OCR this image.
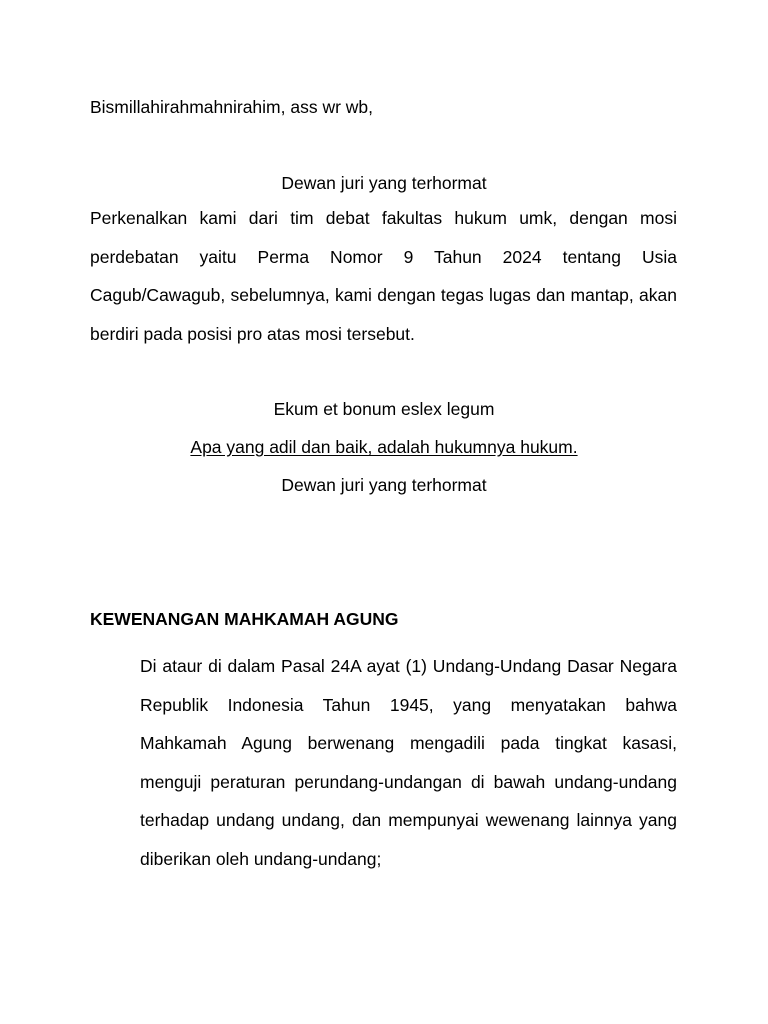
Bismillahirahmahnirahim, ass wr wb,
Dewan juri yang terhormat
Perkenalkan kami dari tim debat fakultas hukum umk, dengan mosi perdebatan yaitu Perma Nomor 9 Tahun 2024 tentang Usia Cagub/Cawagub, sebelumnya, kami dengan tegas lugas dan mantap, akan berdiri pada posisi pro atas mosi tersebut.
Ekum et bonum eslex legum
Apa yang adil dan baik, adalah hukumnya hukum.
Dewan juri yang terhormat
KEWENANGAN MAHKAMAH AGUNG
Di ataur di dalam Pasal 24A ayat (1) Undang-Undang Dasar Negara Republik Indonesia Tahun 1945, yang menyatakan bahwa Mahkamah Agung berwenang mengadili pada tingkat kasasi, menguji peraturan perundang-undangan di bawah undang-undang terhadap undang undang, dan mempunyai wewenang lainnya yang diberikan oleh undang-undang;
